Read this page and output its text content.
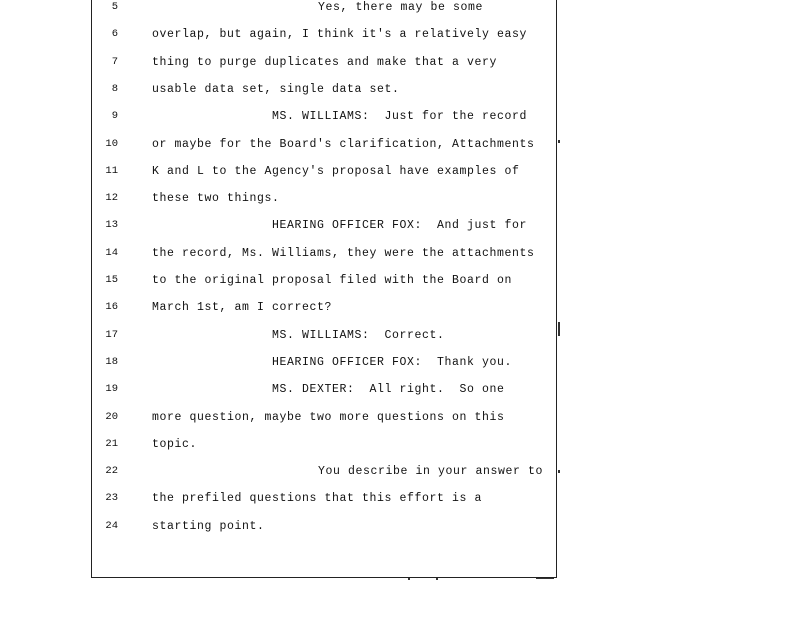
5	Yes, there may be some
6	overlap, but again, I think it's a relatively easy
7	thing to purge duplicates and make that a very
8	usable data set, single data set.
9	MS. WILLIAMS:  Just for the record
10	or maybe for the Board's clarification, Attachments
11	K and L to the Agency's proposal have examples of
12	these two things.
13	HEARING OFFICER FOX:  And just for
14	the record, Ms. Williams, they were the attachments
15	to the original proposal filed with the Board on
16	March 1st, am I correct?
17	MS. WILLIAMS:  Correct.
18	HEARING OFFICER FOX:  Thank you.
19	MS. DEXTER:  All right.  So one
20	more question, maybe two more questions on this
21	topic.
22	You describe in your answer to
23	the prefiled questions that this effort is a
24	starting point.
